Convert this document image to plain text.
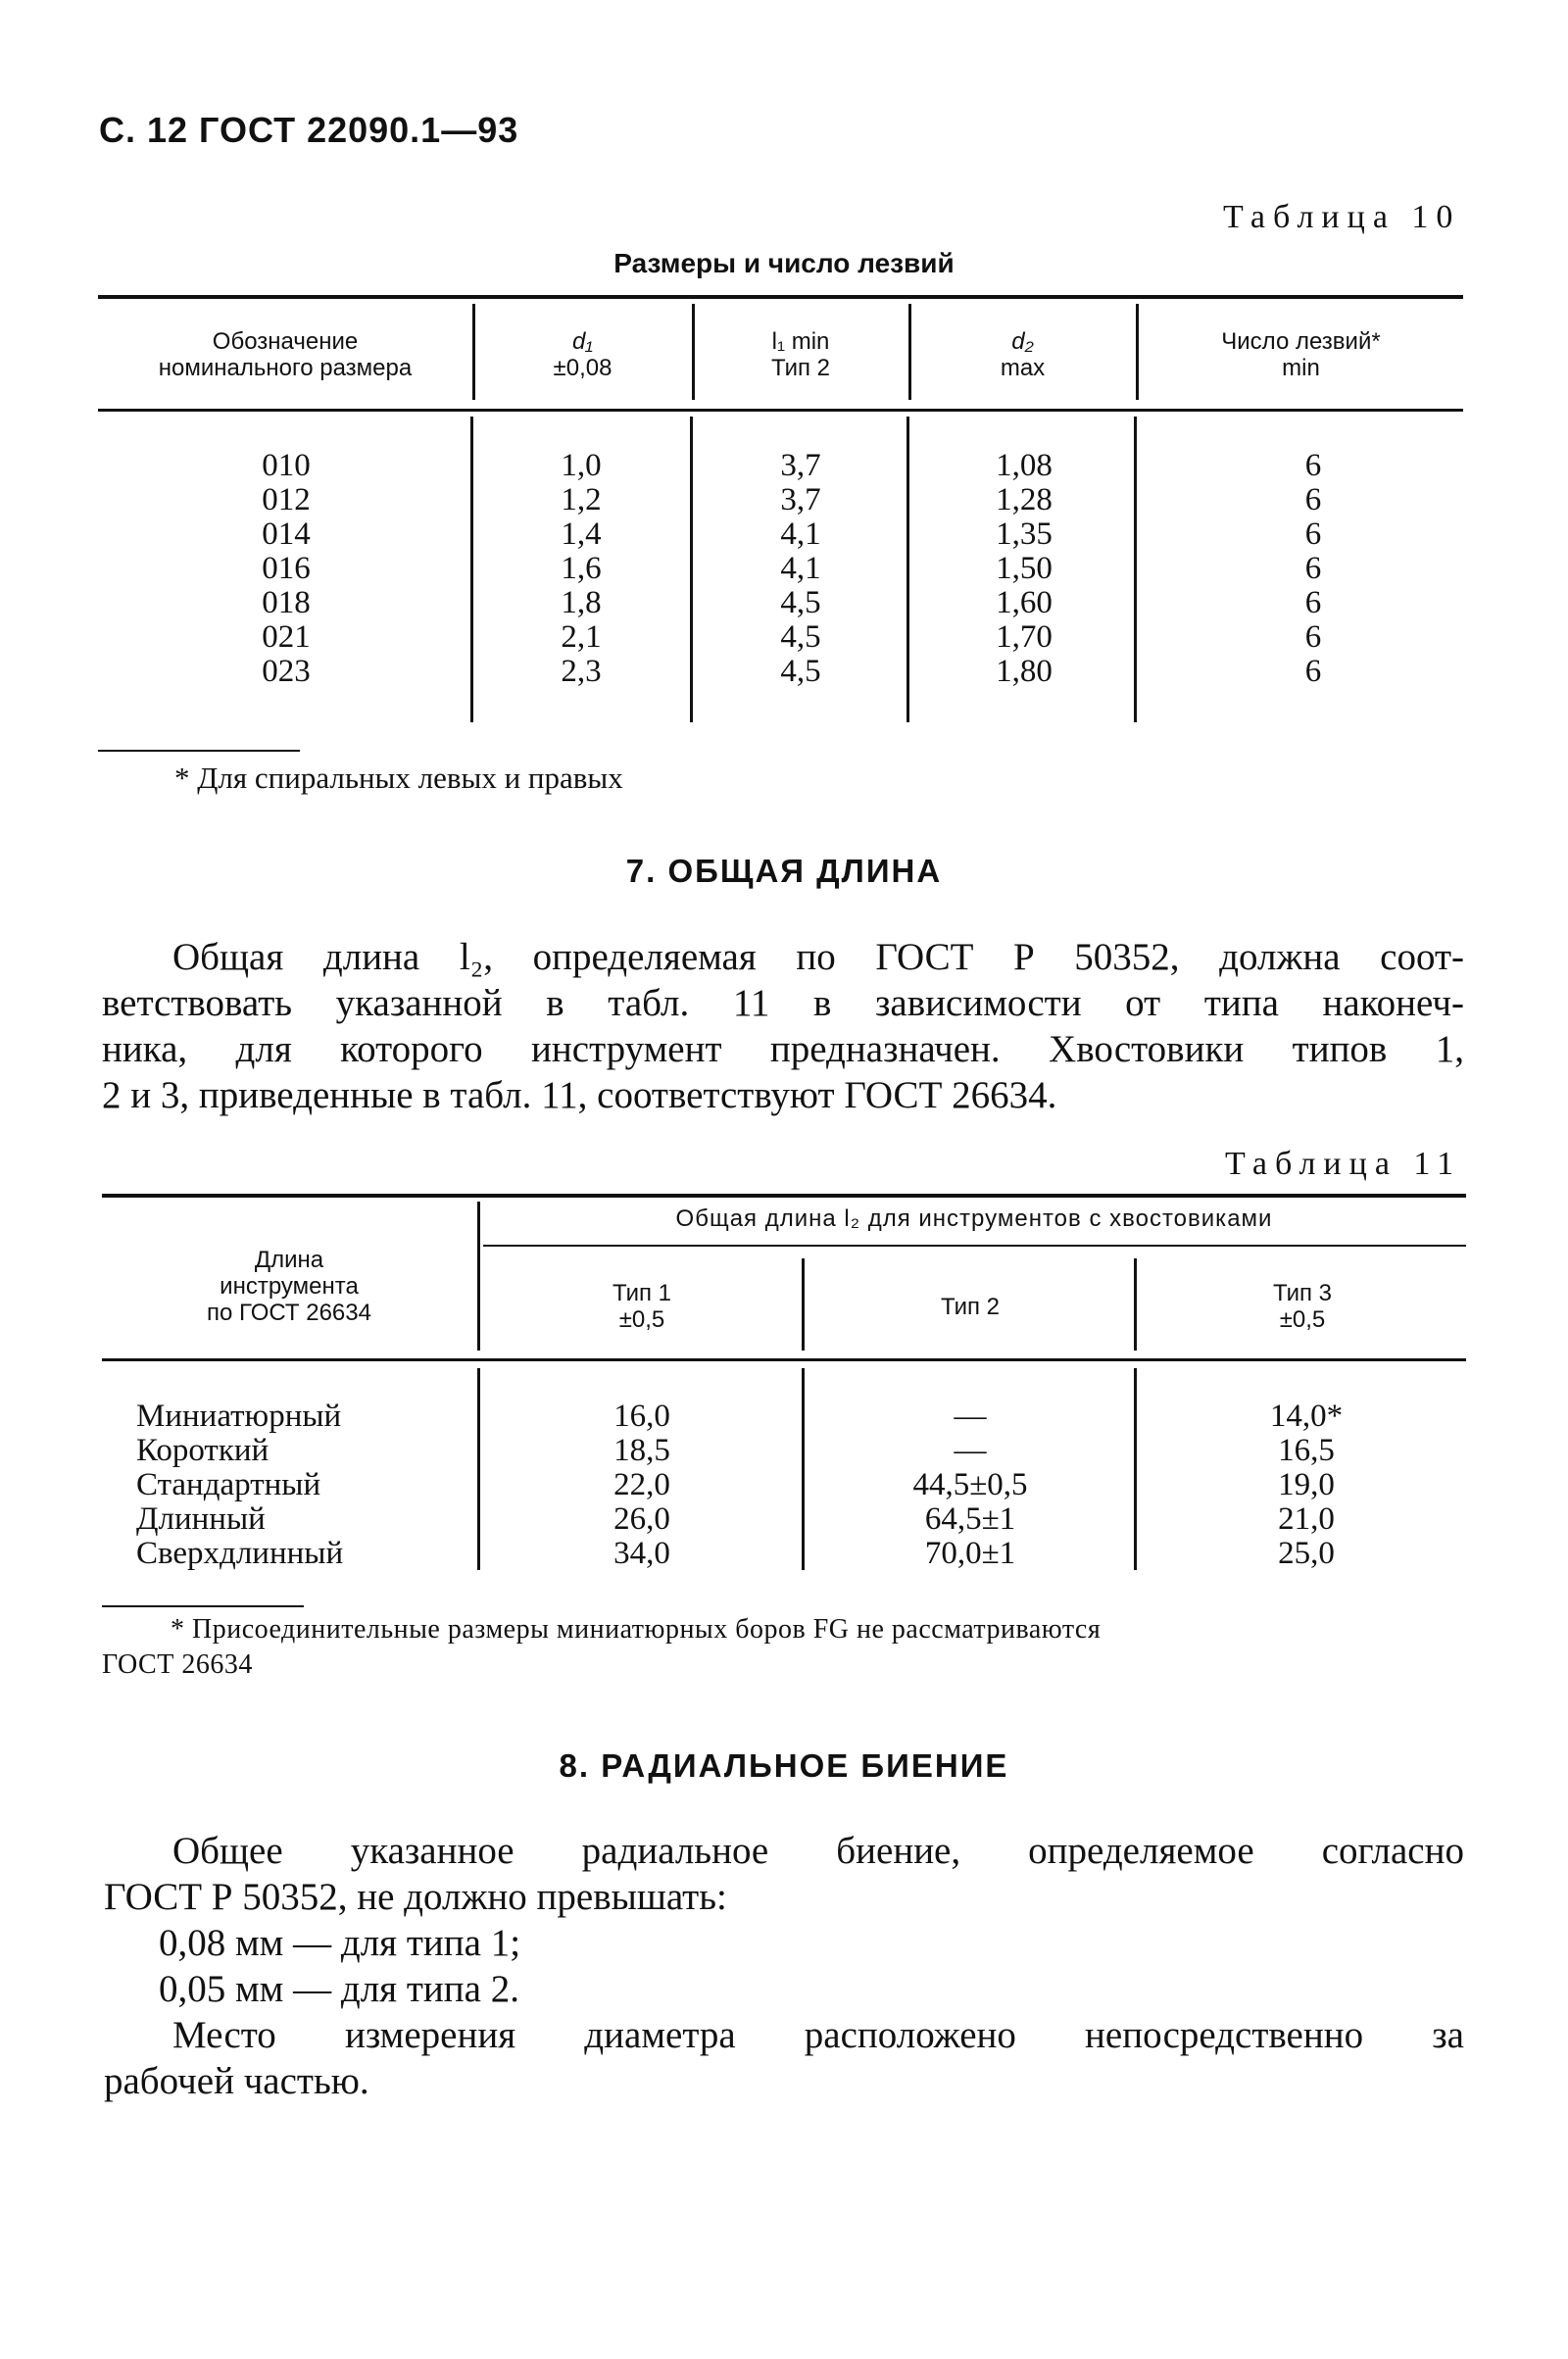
С. 12 ГОСТ 22090.1—93
Таблица 10
Размеры и число лезвий
Обозначение
номинального размера
d₁
±0,08
l₁ min
Тип 2
d₂
max
Число лезвий*
min
010
012
014
016
018
021
023
1,0
1,2
1,4
1,6
1,8
2,1
2,3
3,7
3,7
4,1
4,1
4,5
4,5
4,5
1,08
1,28
1,35
1,50
1,60
1,70
1,80
6
6
6
6
6
6
6
* Для спиральных левых и правых
7. ОБЩАЯ ДЛИНА
Общая длина l₂, определяемая по ГОСТ Р 50352, должна соот-
ветствовать указанной в табл. 11 в зависимости от типа наконеч-
ника, для которого инструмент предназначен. Хвостовики типов 1,
2 и 3, приведенные в табл. 11, соответствуют ГОСТ 26634.
Таблица 11
Общая длина l₂ для инструментов с хвостовиками
Длина
инструмента
по ГОСТ 26634
Тип 1
±0,5	Тип 2
Тип 3
±0,5
Миниатюрный
Короткий
Стандартный
Длинный
Сверхдлинный
16,0
18,5
22,0
26,0
34,0
—
—
44,5±0,5
64,5±1
70,0±1
14,0*
16,5
19,0
21,0
25,0
* Присоединительные размеры миниатюрных боров FG не рассматриваются
ГОСТ 26634
8. РАДИАЛЬНОЕ БИЕНИЕ
Общее указанное радиальное биение, определяемое согласно
ГОСТ Р 50352, не должно превышать:
0,08 мм — для типа 1;
0,05 мм — для типа 2.
Место измерения диаметра расположено непосредственно за
рабочей частью.
